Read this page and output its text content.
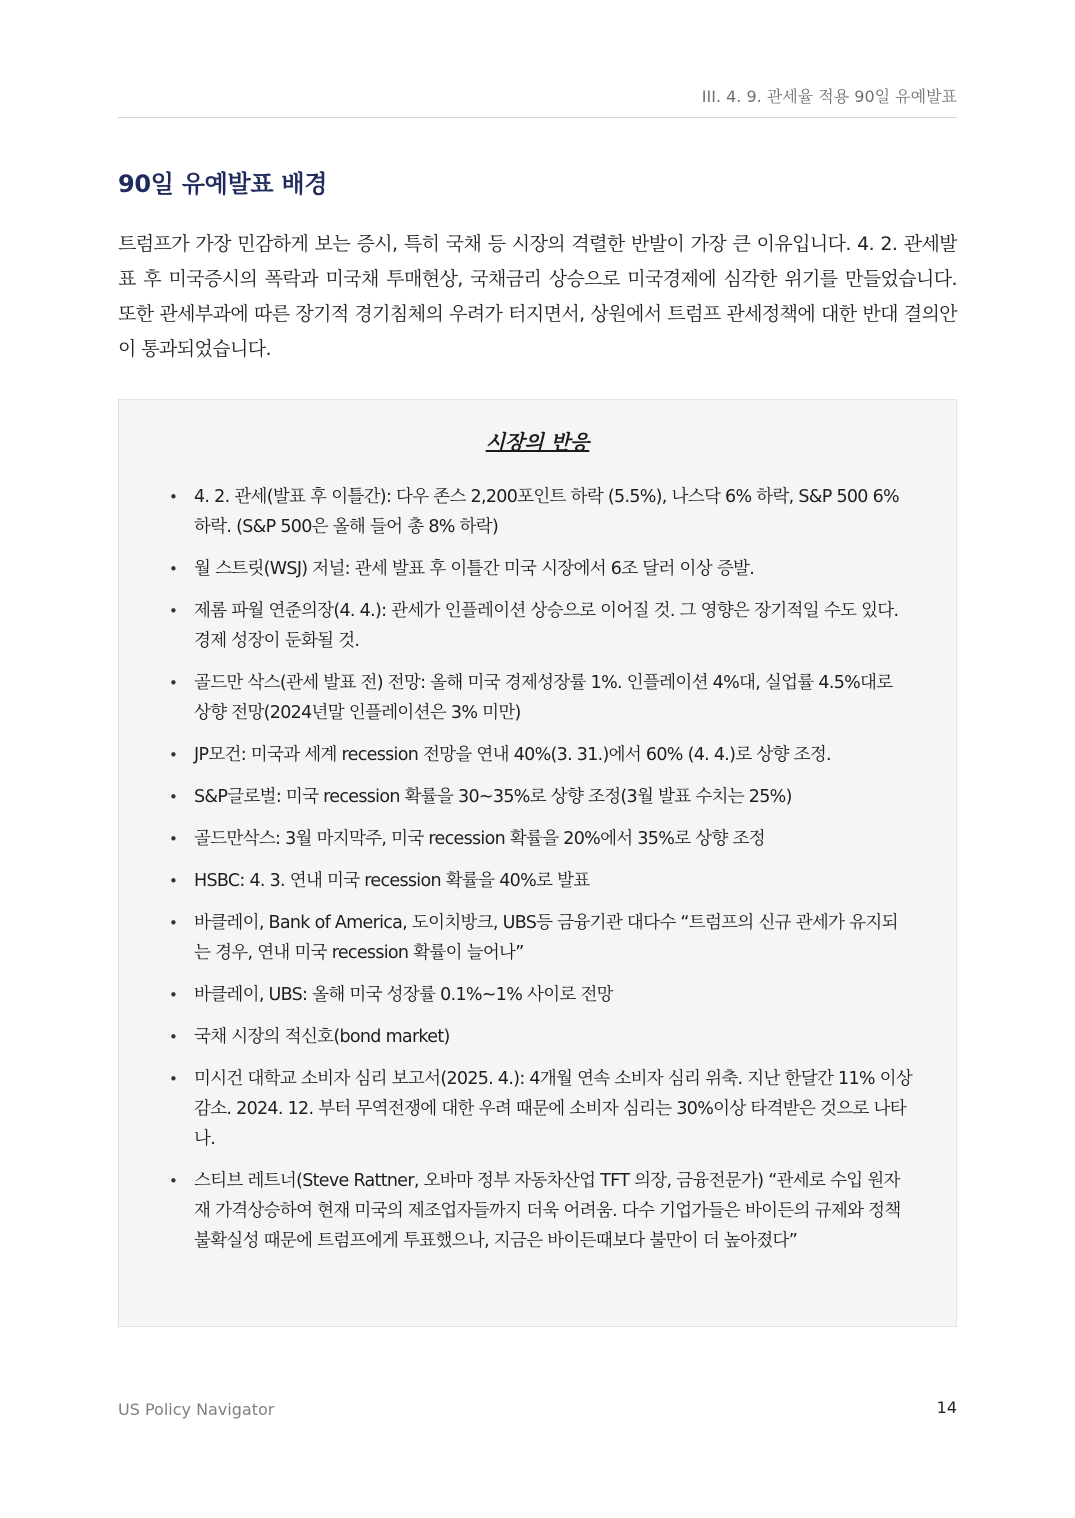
III. 4. 9. 관세율 적용 90일 유예발표
90일 유예발표 배경

트럼프가 가장 민감하게 보는 증시, 특히 국채 등 시장의 격렬한 반발이 가장 큰 이유입니다. 4. 2. 관세발표 후 미국증시의 폭락과 미국채 투매현상, 국채금리 상승으로 미국경제에 심각한 위기를 만들었습니다. 또한 관세부과에 따른 장기적 경기침체의 우려가 터지면서, 상원에서 트럼프 관세정책에 대한 반대 결의안이 통과되었습니다.

시장의 반응
• 4. 2. 관세(발표 후 이틀간): 다우 존스 2,200포인트 하락 (5.5%), 나스닥 6% 하락, S&P 500 6% 하락. (S&P 500은 올해 들어 총 8% 하락)
• 월 스트릿(WSJ) 저널: 관세 발표 후 이틀간 미국 시장에서 6조 달러 이상 증발.
• 제롬 파월 연준의장(4. 4.): 관세가 인플레이션 상승으로 이어질 것. 그 영향은 장기적일 수도 있다. 경제 성장이 둔화될 것.
• 골드만 삭스(관세 발표 전) 전망: 올해 미국 경제성장률 1%. 인플레이션 4%대, 실업률 4.5%대로 상향 전망(2024년말 인플레이션은 3% 미만)
• JP모건: 미국과 세계 recession 전망을 연내 40%(3. 31.)에서 60% (4. 4.)로 상향 조정.
• S&P글로벌: 미국 recession 확률을 30~35%로 상향 조정(3월 발표 수치는 25%)
• 골드만삭스: 3월 마지막주, 미국 recession 확률을 20%에서 35%로 상향 조정
• HSBC: 4. 3. 연내 미국 recession 확률을 40%로 발표
• 바클레이, Bank of America, 도이치방크, UBS등 금융기관 대다수 “트럼프의 신규 관세가 유지되는 경우, 연내 미국 recession 확률이 늘어나”
• 바클레이, UBS: 올해 미국 성장률 0.1%~1% 사이로 전망
• 국채 시장의 적신호(bond market)
• 미시건 대학교 소비자 심리 보고서(2025. 4.): 4개월 연속 소비자 심리 위축. 지난 한달간 11% 이상 감소. 2024. 12. 부터 무역전쟁에 대한 우려 때문에 소비자 심리는 30%이상 타격받은 것으로 나타나.
• 스티브 레트너(Steve Rattner, 오바마 정부 자동차산업 TFT 의장, 금융전문가) “관세로 수입 원자재 가격상승하여 현재 미국의 제조업자들까지 더욱 어려움. 다수 기업가들은 바이든의 규제와 정책 불확실성 때문에 트럼프에게 투표했으나, 지금은 바이든때보다 불만이 더 높아졌다”
US Policy Navigator	14
